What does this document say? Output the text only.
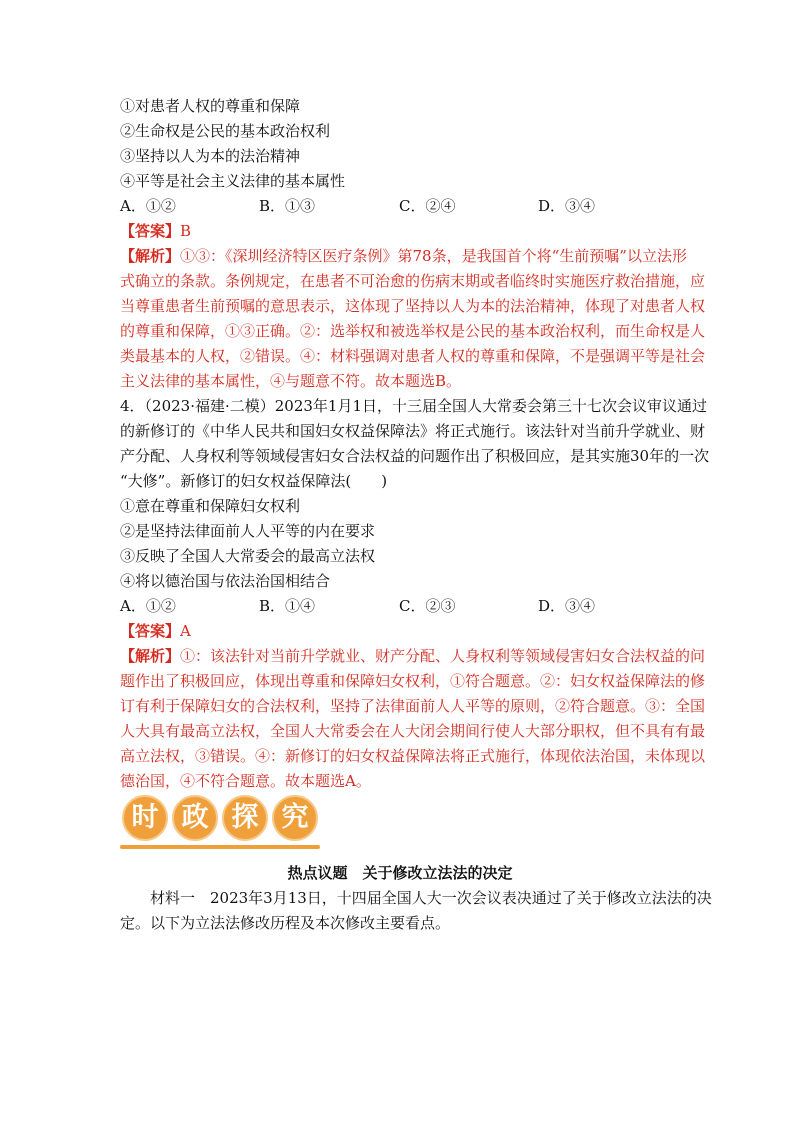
①对患者人权的尊重和保障
②生命权是公民的基本政治权利
③坚持以人为本的法治精神
④平等是社会主义法律的基本属性
A．①②	B．①③	C．②④	D．③④
【答案】B
【解析】①③：《深圳经济特区医疗条例》第78条，是我国首个将“生前预嘱”以立法形
式确立的条款。条例规定，在患者不可治愈的伤病末期或者临终时实施医疗救治措施，应
当尊重患者生前预嘱的意思表示，这体现了坚持以人为本的法治精神，体现了对患者人权
的尊重和保障，①③正确。②：选举权和被选举权是公民的基本政治权利，而生命权是人
类最基本的人权，②错误。④：材料强调对患者人权的尊重和保障，不是强调平等是社会
主义法律的基本属性，④与题意不符。故本题选B。
4．（2023·福建·二模）2023年1月1日，十三届全国人大常委会第三十七次会议审议通过
的新修订的《中华人民共和国妇女权益保障法》将正式施行。该法针对当前升学就业、财
产分配、人身权利等领域侵害妇女合法权益的问题作出了积极回应，是其实施30年的一次
“大修”。新修订的妇女权益保障法(　　)
①意在尊重和保障妇女权利
②是坚持法律面前人人平等的内在要求
③反映了全国人大常委会的最高立法权
④将以德治国与依法治国相结合
A．①②	B．①④	C．②③	D．③④
【答案】A
【解析】①：该法针对当前升学就业、财产分配、人身权利等领域侵害妇女合法权益的问
题作出了积极回应，体现出尊重和保障妇女权利，①符合题意。②：妇女权益保障法的修
订有利于保障妇女的合法权利，坚持了法律面前人人平等的原则，②符合题意。③：全国
人大具有最高立法权，全国人大常委会在人大闭会期间行使人大部分职权，但不具有有最
高立法权，③错误。④：新修订的妇女权益保障法将正式施行，体现依法治国，未体现以
德治国，④不符合题意。故本题选A。
时 政 探 究
热点议题　关于修改立法法的决定
　　材料一　2023年3月13日，十四届全国人大一次会议表决通过了关于修改立法法的决
定。以下为立法法修改历程及本次修改主要看点。
